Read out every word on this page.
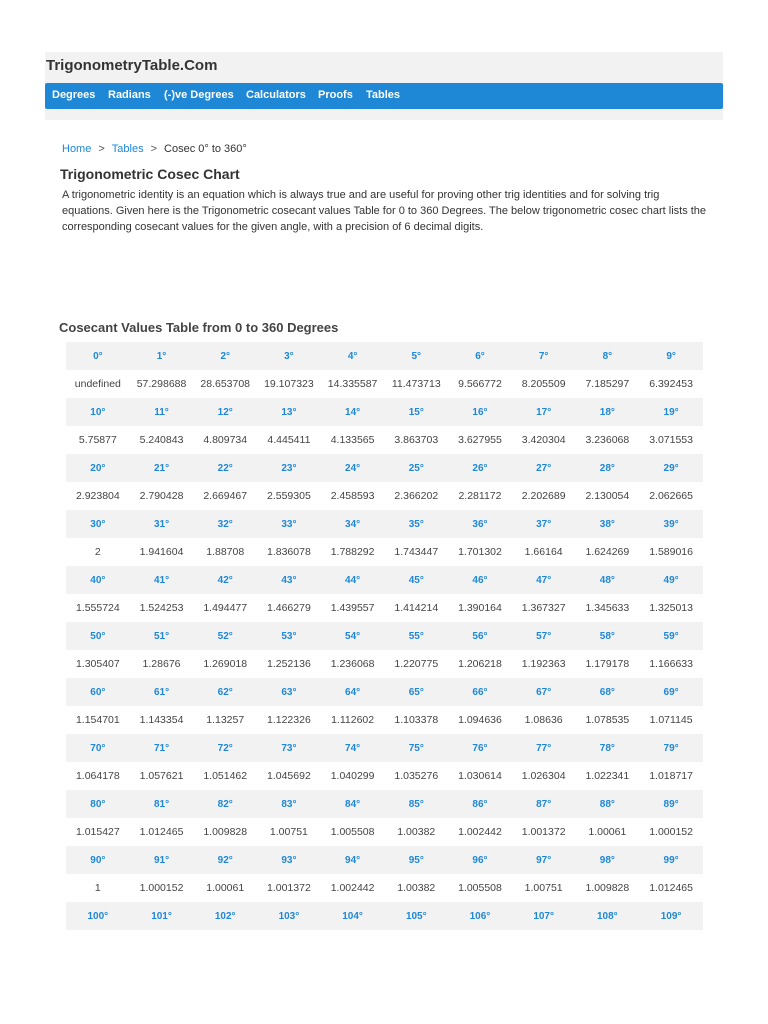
TrigonometryTable.Com
Degrees Radians (-)ve Degrees Calculators Proofs Tables
Home > Tables > Cosec 0° to 360°
Trigonometric Cosec Chart

A trigonometric identity is an equation which is always true and are useful for proving other trig identities and for solving trig equations. Given here is the Trigonometric cosecant values Table for 0 to 360 Degrees. The below trigonometric cosec chart lists the corresponding cosecant values for the given angle, with a precision of 6 decimal digits.

Cosecant Values Table from 0 to 360 Degrees
0°	1°	2°	3°	4°	5°	6°	7°	8°	9°
undefined	57.298688	28.653708	19.107323	14.335587	11.473713	9.566772	8.205509	7.185297	6.392453
10°	11°	12°	13°	14°	15°	16°	17°	18°	19°
5.75877	5.240843	4.809734	4.445411	4.133565	3.863703	3.627955	3.420304	3.236068	3.071553
20°	21°	22°	23°	24°	25°	26°	27°	28°	29°
2.923804	2.790428	2.669467	2.559305	2.458593	2.366202	2.281172	2.202689	2.130054	2.062665
30°	31°	32°	33°	34°	35°	36°	37°	38°	39°
2	1.941604	1.88708	1.836078	1.788292	1.743447	1.701302	1.66164	1.624269	1.589016
40°	41°	42°	43°	44°	45°	46°	47°	48°	49°
1.555724	1.524253	1.494477	1.466279	1.439557	1.414214	1.390164	1.367327	1.345633	1.325013
50°	51°	52°	53°	54°	55°	56°	57°	58°	59°
1.305407	1.28676	1.269018	1.252136	1.236068	1.220775	1.206218	1.192363	1.179178	1.166633
60°	61°	62°	63°	64°	65°	66°	67°	68°	69°
1.154701	1.143354	1.13257	1.122326	1.112602	1.103378	1.094636	1.08636	1.078535	1.071145
70°	71°	72°	73°	74°	75°	76°	77°	78°	79°
1.064178	1.057621	1.051462	1.045692	1.040299	1.035276	1.030614	1.026304	1.022341	1.018717
80°	81°	82°	83°	84°	85°	86°	87°	88°	89°
1.015427	1.012465	1.009828	1.00751	1.005508	1.00382	1.002442	1.001372	1.00061	1.000152
90°	91°	92°	93°	94°	95°	96°	97°	98°	99°
1	1.000152	1.00061	1.001372	1.002442	1.00382	1.005508	1.00751	1.009828	1.012465
100°	101°	102°	103°	104°	105°	106°	107°	108°	109°
